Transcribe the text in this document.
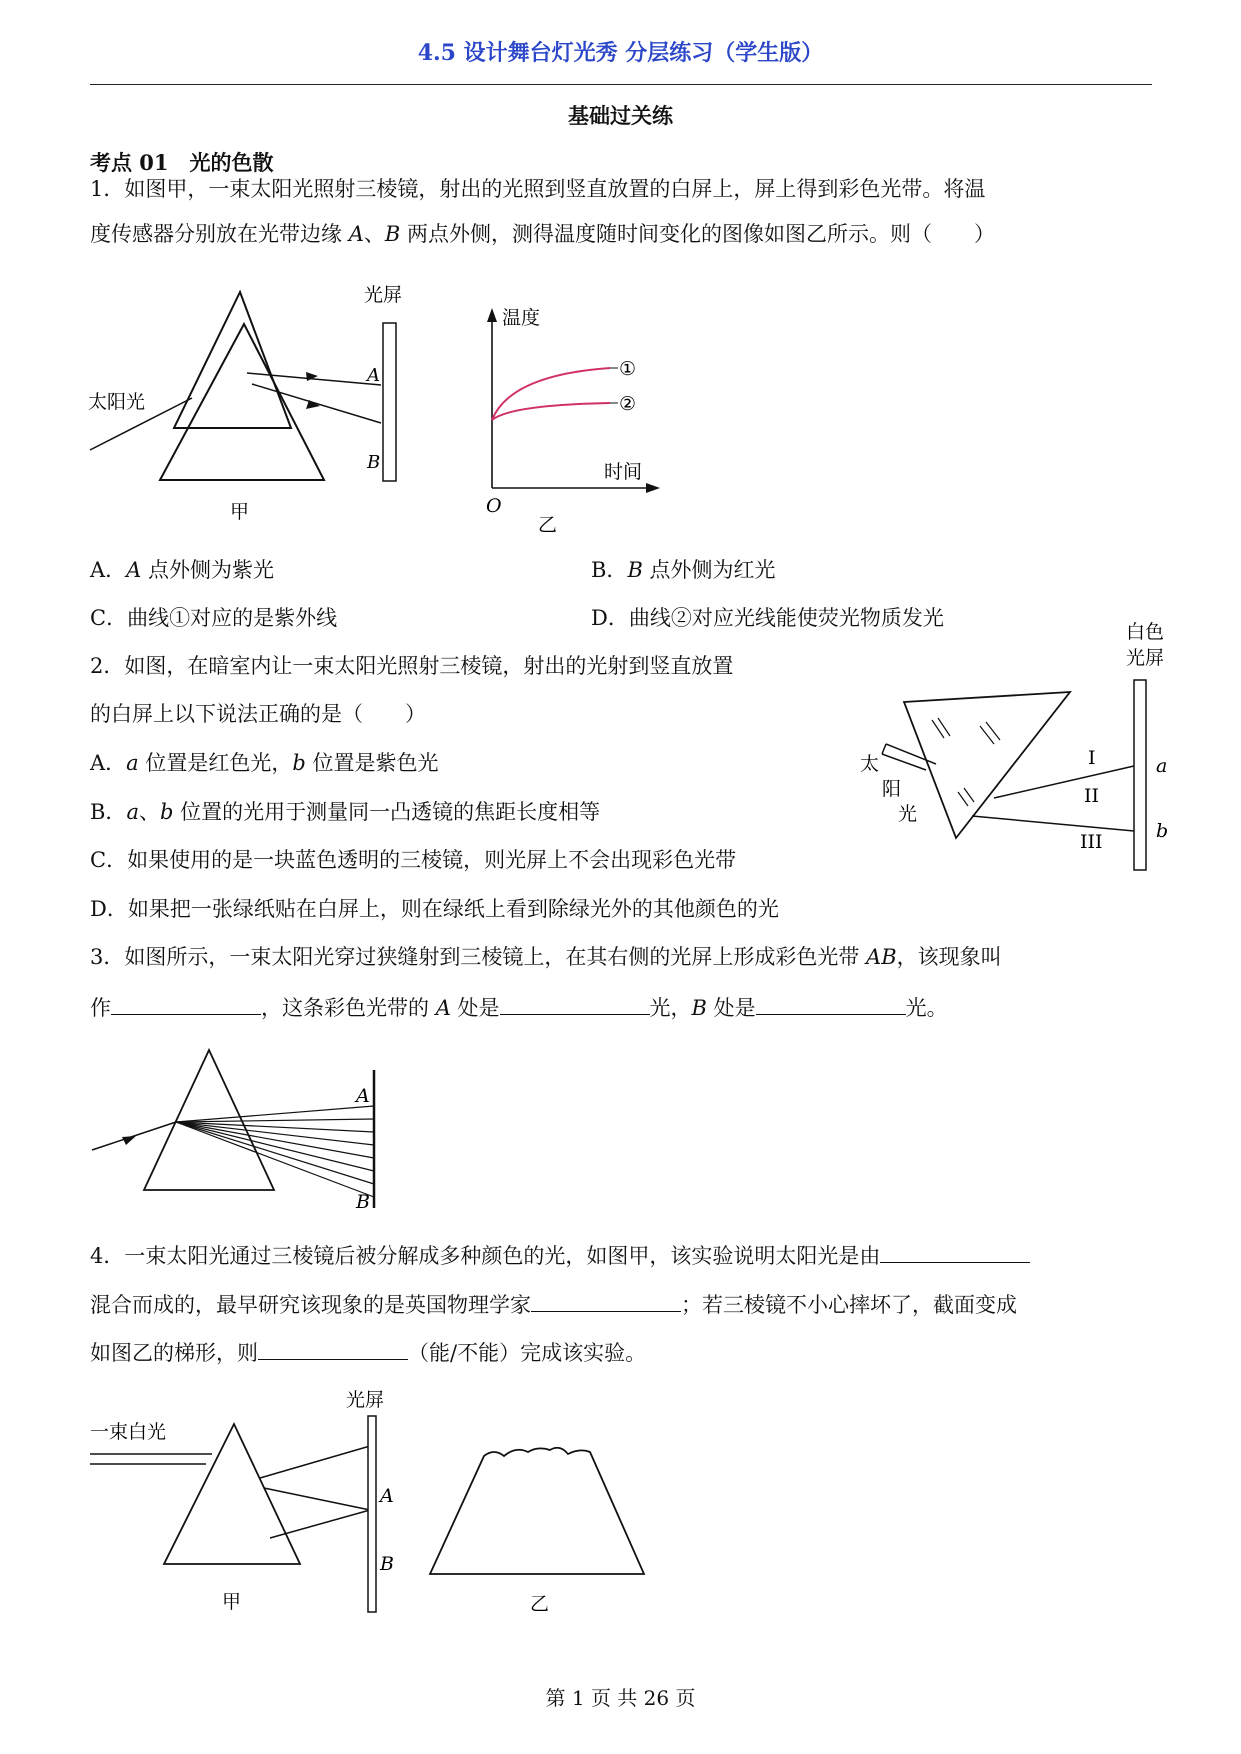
4.5 设计舞台灯光秀 分层练习（学生版）
基础过关练
考点 01　光的色散
1．如图甲，一束太阳光照射三棱镜，射出的光照到竖直放置的白屏上，屏上得到彩色光带。将温
度传感器分别放在光带边缘 A、B 两点外侧，测得温度随时间变化的图像如图乙所示。则（　　）
光屏
太阳光
A
B
甲
①
②
温度
时间
O
乙
A．A 点外侧为紫光	B．B 点外侧为红光
C．曲线①对应的是紫外线	D．曲线②对应光线能使荧光物质发光
2．如图，在暗室内让一束太阳光照射三棱镜，射出的光射到竖直放置
的白屏上以下说法正确的是（　　）
A．a 位置是红色光，b 位置是紫色光
B．a、b 位置的光用于测量同一凸透镜的焦距长度相等
C．如果使用的是一块蓝色透明的三棱镜，则光屏上不会出现彩色光带
D．如果把一张绿纸贴在白屏上，则在绿纸上看到除绿光外的其他颜色的光
白色
光屏
太
阳
光
I
II
III
a
b
3．如图所示，一束太阳光穿过狭缝射到三棱镜上，在其右侧的光屏上形成彩色光带 AB，该现象叫
作	，这条彩色光带的 A 处是	光，B 处是	光。
A
B
4．一束太阳光通过三棱镜后被分解成多种颜色的光，如图甲，该实验说明太阳光是由
混合而成的，最早研究该现象的是英国物理学家	；若三棱镜不小心摔坏了，截面变成
如图乙的梯形，则	（能/不能）完成该实验。
一束白光
光屏
A
B
甲	乙
第 1 页 共 26 页
